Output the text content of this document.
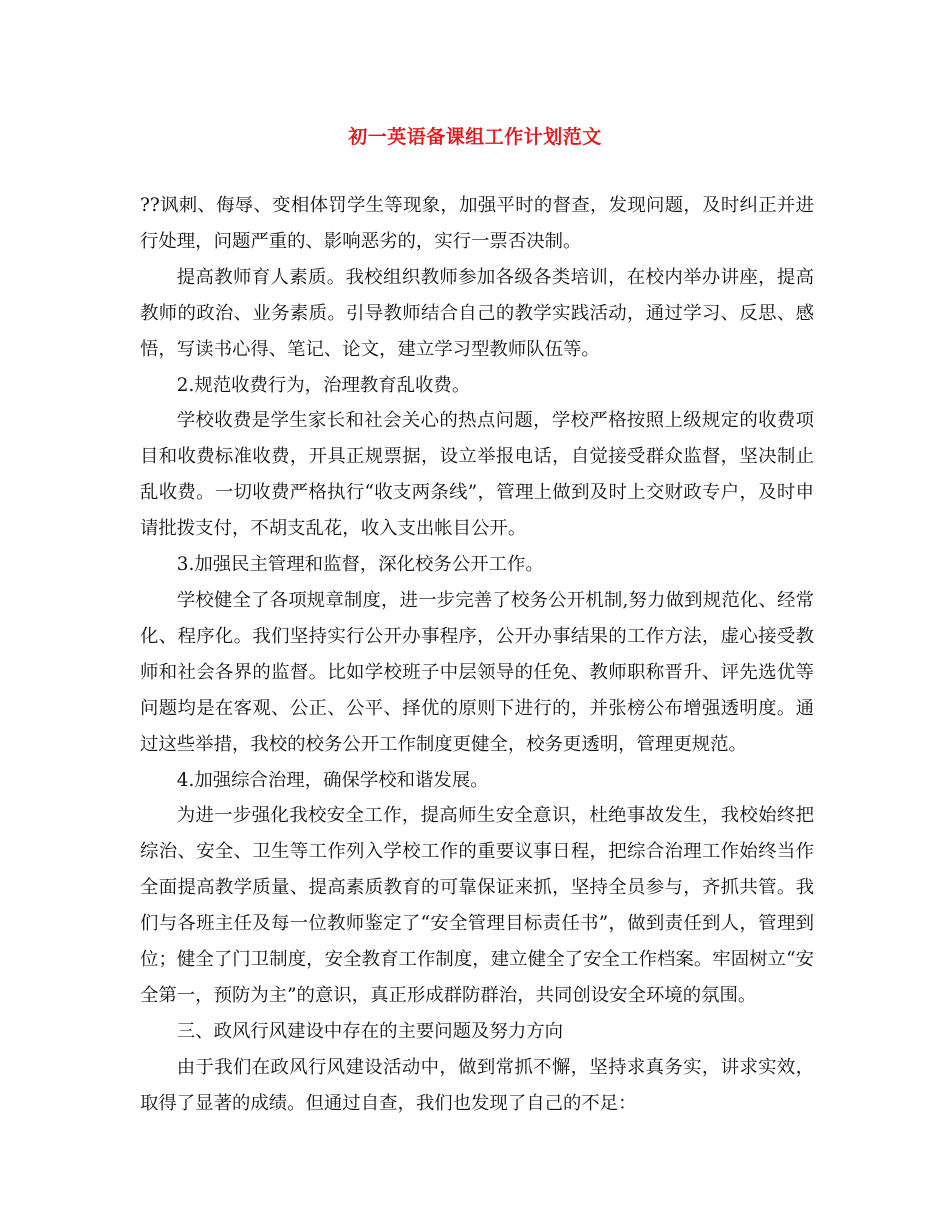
初一英语备课组工作计划范文

??讽刺、侮辱、变相体罚学生等现象，加强平时的督查，发现问题，及时纠正并进行处理，问题严重的、影响恶劣的，实行一票否决制。

提高教师育人素质。我校组织教师参加各级各类培训，在校内举办讲座，提高教师的政治、业务素质。引导教师结合自己的教学实践活动，通过学习、反思、感悟，写读书心得、笔记、论文，建立学习型教师队伍等。

2.规范收费行为，治理教育乱收费。

学校收费是学生家长和社会关心的热点问题，学校严格按照上级规定的收费项目和收费标准收费，开具正规票据，设立举报电话，自觉接受群众监督，坚决制止乱收费。一切收费严格执行“收支两条线”，管理上做到及时上交财政专户，及时申请批拨支付，不胡支乱花，收入支出帐目公开。

3.加强民主管理和监督，深化校务公开工作。

学校健全了各项规章制度，进一步完善了校务公开机制,努力做到规范化、经常化、程序化。我们坚持实行公开办事程序，公开办事结果的工作方法，虚心接受教师和社会各界的监督。比如学校班子中层领导的任免、教师职称晋升、评先选优等问题均是在客观、公正、公平、择优的原则下进行的，并张榜公布增强透明度。通过这些举措，我校的校务公开工作制度更健全，校务更透明，管理更规范。

4.加强综合治理，确保学校和谐发展。

为进一步强化我校安全工作，提高师生安全意识，杜绝事故发生，我校始终把综治、安全、卫生等工作列入学校工作的重要议事日程，把综合治理工作始终当作全面提高教学质量、提高素质教育的可靠保证来抓，坚持全员参与，齐抓共管。我们与各班主任及每一位教师鉴定了“安全管理目标责任书”，做到责任到人，管理到位；健全了门卫制度，安全教育工作制度，建立健全了安全工作档案。牢固树立“安全第一，预防为主”的意识，真正形成群防群治，共同创设安全环境的氛围。

三、政风行风建设中存在的主要问题及努力方向

由于我们在政风行风建设活动中，做到常抓不懈，坚持求真务实，讲求实效，取得了显著的成绩。但通过自查，我们也发现了自己的不足：
